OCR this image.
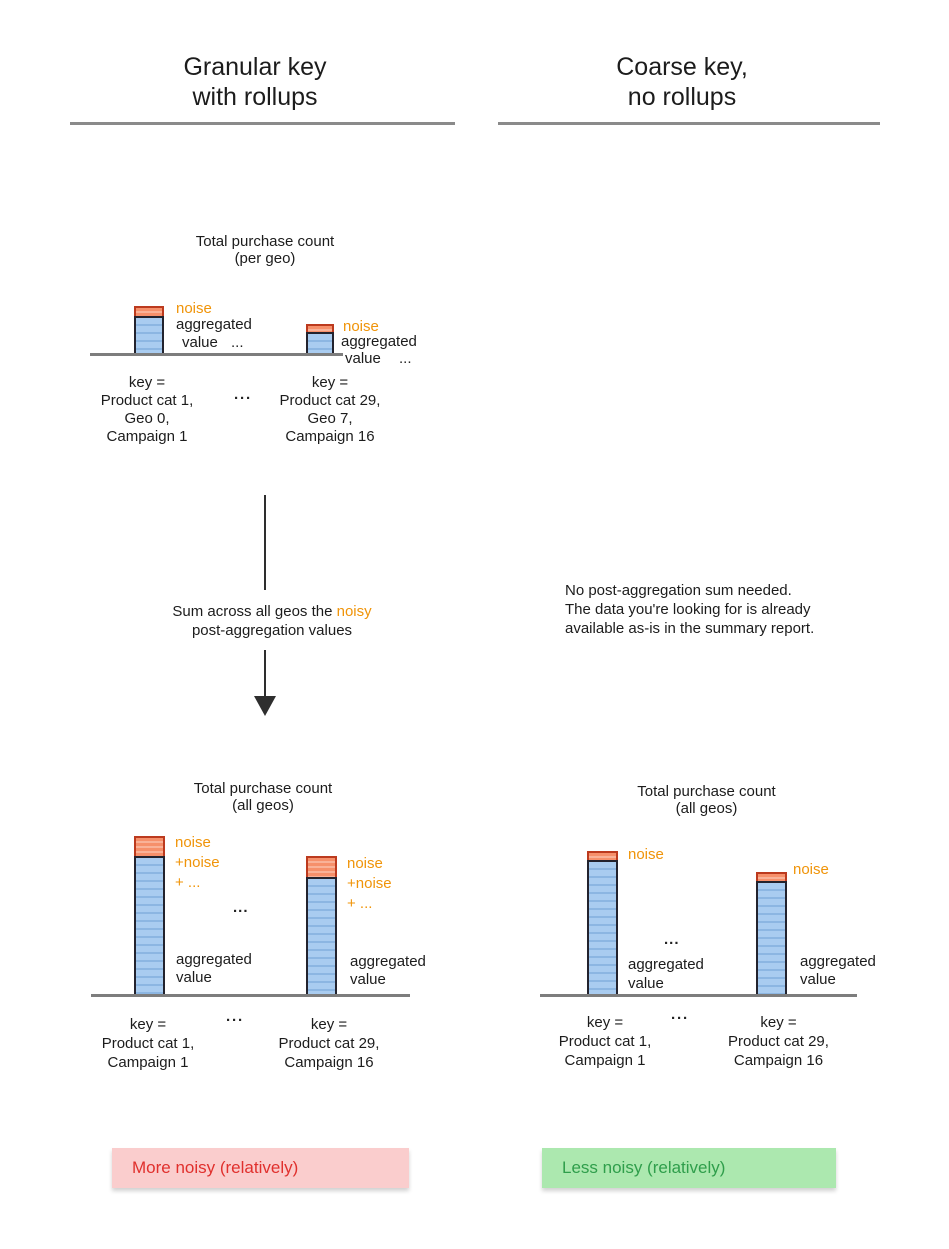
Granular key
with rollups
Coarse key,
no rollups
Total purchase count
(per geo)
noise
aggregated
value ...
noise
aggregated
value ...
key =
Product cat 1,
Geo 0,
Campaign 1
···
key =
Product cat 29,
Geo 7,
Campaign 16
Sum across all geos the noisy
post-aggregation values
No post-aggregation sum needed.
The data you're looking for is already
available as-is in the summary report.
Total purchase count
(all geos)
noise
+noise
+ ...
aggregated
value
...
noise
+noise
+ ...
aggregated
value
key =
Product cat 1,
Campaign 1
···	key =
Product cat 29,
Campaign 16
Total purchase count
(all geos)
noise
aggregated
value
...
noise
aggregated
value
key =
Product cat 1,
Campaign 1
···	key =
Product cat 29,
Campaign 16
More noisy (relatively)	Less noisy (relatively)
